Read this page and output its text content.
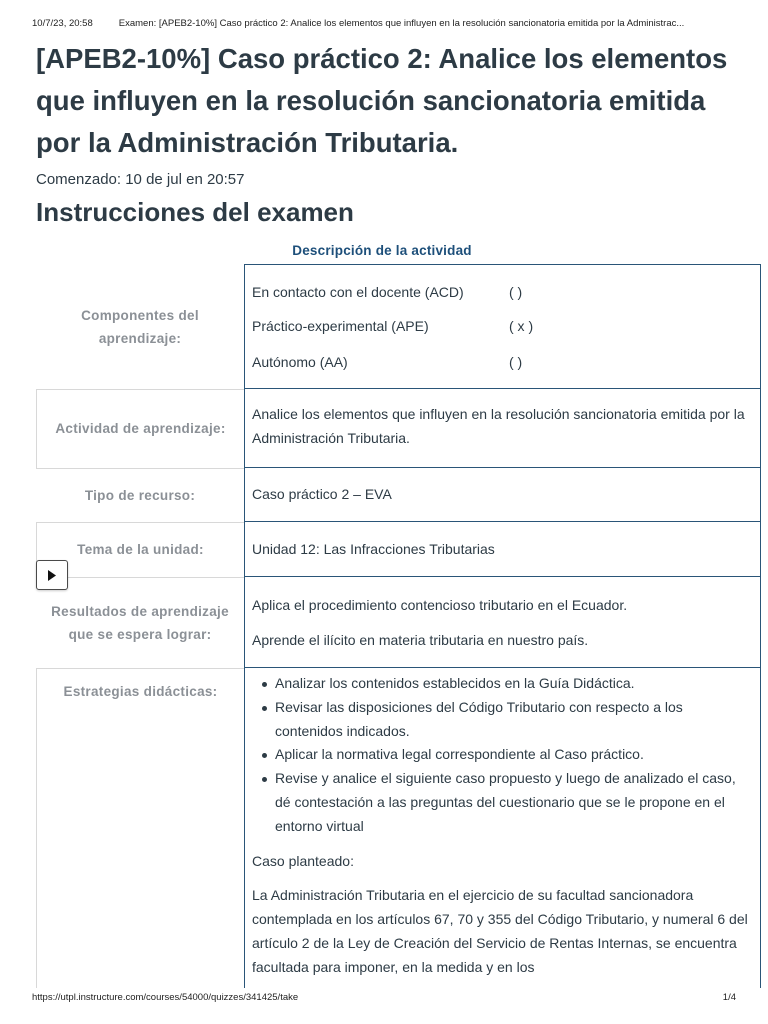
10/7/23, 20:58	Examen: [APEB2-10%] Caso práctico 2: Analice los elementos que influyen en la resolución sancionatoria emitida por la Administrac...
[APEB2-10%] Caso práctico 2: Analice los elementos
que influyen en la resolución sancionatoria emitida
por la Administración Tributaria.
Comenzado: 10 de jul en 20:57
Instrucciones del examen
Descripción de la actividad
Componentes del aprendizaje:
En contacto con el docente (ACD)	( )
Práctico-experimental (APE)	( x )
Autónomo (AA)	( )
Actividad de aprendizaje:

Analice los elementos que influyen en la resolución sancionatoria emitida por la Administración Tributaria.

Tipo de recurso:	Caso práctico 2 – EVA

Tema de la unidad:	Unidad 12: Las Infracciones Tributarias

Resultados de aprendizaje que se espera lograr:

Aplica el procedimiento contencioso tributario en el Ecuador.

Aprende el ilícito en materia tributaria en nuestro país.

Estrategias didácticas:
Analizar los contenidos establecidos en la Guía Didáctica.
Revisar las disposiciones del Código Tributario con respecto a los contenidos indicados.
Aplicar la normativa legal correspondiente al Caso práctico.
Revise y analice el siguiente caso propuesto y luego de analizado el caso, dé contestación a las preguntas del cuestionario que se le propone en el entorno virtual

Caso planteado:

La Administración Tributaria en el ejercicio de su facultad sancionadora contemplada en los artículos 67, 70 y 355 del Código Tributario, y numeral 6 del artículo 2 de la Ley de Creación del Servicio de Rentas Internas, se encuentra facultada para imponer, en la medida y en los

https://utpl.instructure.com/courses/54000/quizzes/341425/take	1/4
